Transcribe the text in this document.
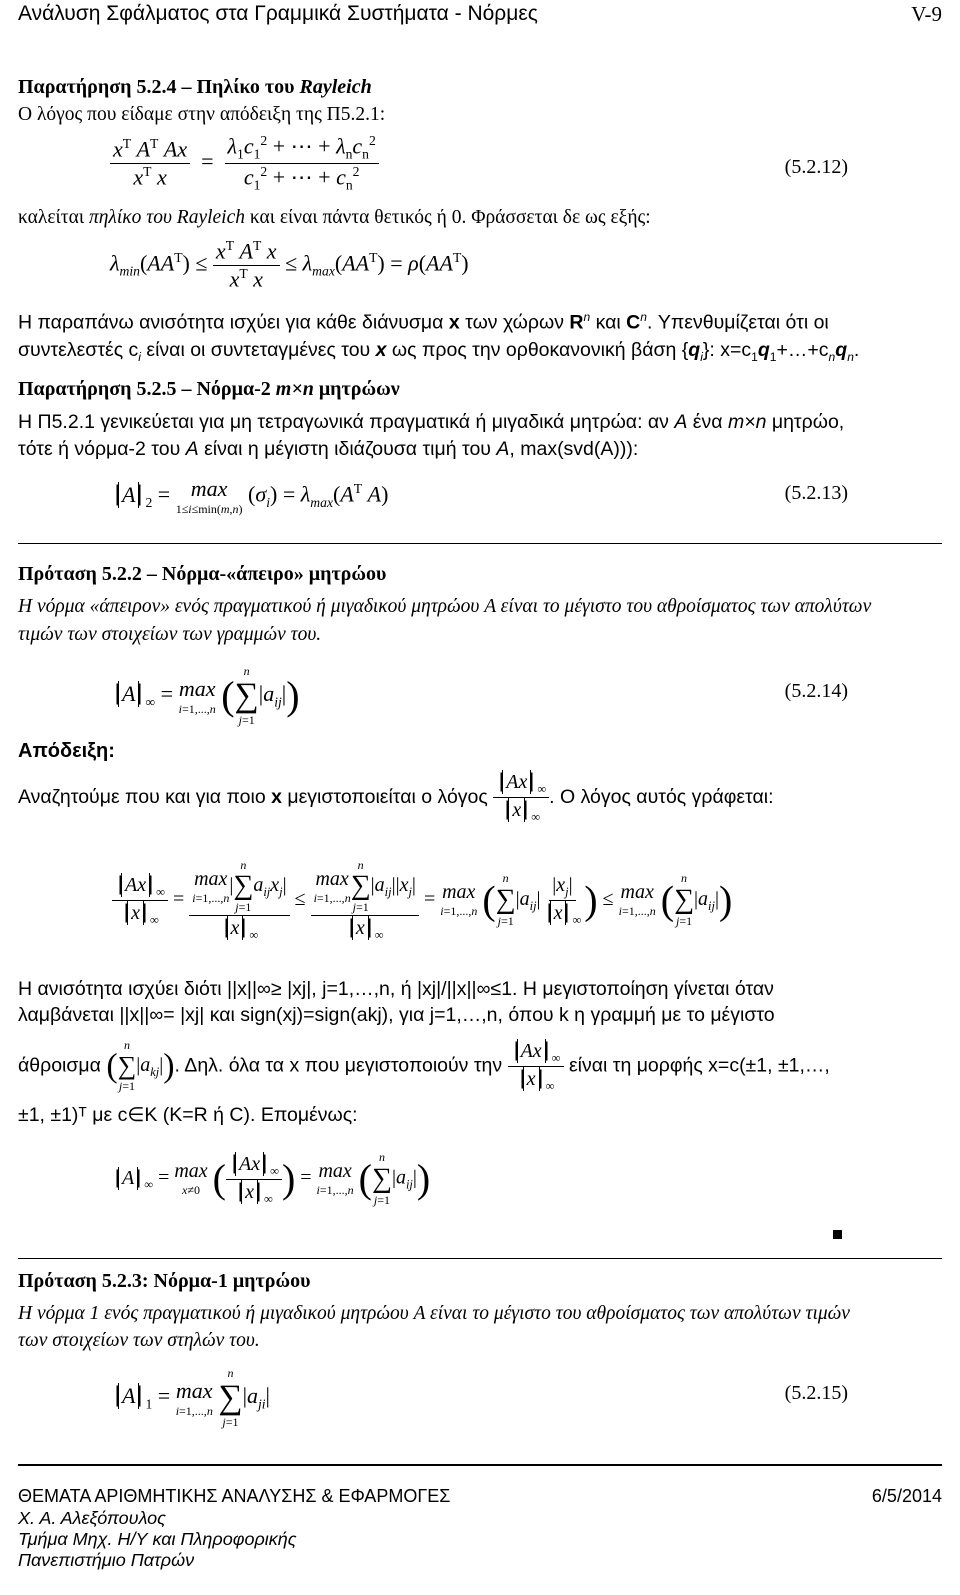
Ανάλυση Σφάλματος στα Γραμμικά Συστήματα - Νόρμες	V-9
Παρατήρηση 5.2.4 – Πηλίκο του Rayleich
Ο λόγος που είδαμε στην απόδειξη της Π5.2.1:
$\frac{x^T A^T Ax}{x^T x} = \frac{\lambda_1c_1^2 + \cdots + \lambda_nc_n^2}{c_1^2 + \cdots + c_n^2}$	(5.2.12)
καλείται πηλίκο του Rayleich και είναι πάντα θετικός ή 0. Φράσσεται δε ως εξής:
$\lambda_{min}(AA^T) \le \frac{x^T A^T x}{x^T x} \le \lambda_{max}(AA^T) = \rho(AA^T)$
Η παραπάνω ανισότητα ισχύει για κάθε διάνυσμα x των χώρων $R^n$ και $C^n$. Υπενθυμίζεται ότι οι
συντελεστές $c_i$ είναι οι συντεταγμένες του x ως προς την ορθοκανονική βάση $\{q_i\}$: $x=c_1q_1+\dots+c_nq_n$.
Παρατήρηση 5.2.5 – Νόρμα-2 m×n μητρώων
Η Π5.2.1 γενικεύεται για μη τετραγωνικά πραγματικά ή μιγαδικά μητρώα: αν A ένα m×n μητρώο,
τότε ή νόρμα-2 του A είναι η μέγιστη ιδιάζουσα τιμή του A, max(svd(A))):
A $_2$ = max
1≤i≤min(m,n)
$(\sigma_i) = \lambda_{max}(A^T$ A)	(5.2.13)
Πρόταση 5.2.2 – Νόρμα-«άπειρο» μητρώου
Η νόρμα «άπειρον» ενός πραγματικού ή μιγαδικού μητρώου A είναι το μέγιστο του αθροίσματος των απολύτων
τιμών των στοιχείων των γραμμών του.
A $_\infty$ = max
i=1,...,n (
n
∑
j=1
$|a_{ij}|$)	(5.2.14)
Απόδειξη:
Αναζητούμε που και για ποιο x μεγιστοποιείται ο λόγος $\frac{Ax _\infty}{x _\infty}$ . Ο λόγος αυτός γράφεται:
$\frac{Ax _\infty}{x _\infty} = \max$
i=1,...,n
|
n
∑
j=1
$a_{ij}x_j|$
x $_\infty$ ≤ max
i=1,...,n
n
∑
j=1
$|a_{ij}||x_j|$
x $_\infty$ = max
i=1,...,n ( n
∑
j=1
$|a_{ij}| \frac{|x_j|}{x _\infty}$ ) ≤ max
i=1,...,n ( n
∑
j=1
$|a_{ij}|$)
Η ανισότητα ισχύει διότι ||x||∞≥ |xj|, j=1,…,n, ή |xj|/||x||∞≤1. Η μεγιστοποίηση γίνεται όταν
λαμβάνεται ||x||∞= |xj| και sign(xj)=sign(akj), για j=1,…,n, όπου k η γραμμή με το μέγιστο
άθροισμα (
n
∑
j=1
$|a_{kj}|$). Δηλ. όλα τα x που μεγιστοποιούν την $\frac{Ax _\infty}{x _\infty}$ είναι τη μορφής x=c(±1, ±1,…,
±1, ±1)ᵀ με c∈K (K=R ή C). Επομένως:
A $_\infty$ = max
x≠0 ( $\frac{Ax _\infty}{x _\infty}$ ) = max
i=1,...,n ( n
∑
j=1
$|a_{ij}|$)
Πρόταση 5.2.3: Νόρμα-1 μητρώου
Η νόρμα 1 ενός πραγματικού ή μιγαδικού μητρώου A είναι το μέγιστο του αθροίσματος των απολύτων τιμών
των στοιχείων των στηλών του.
A $_1$ = max
i=1,...,n

n
∑
j=1
$|a_{ji}|$	(5.2.15)
ΘΕΜΑΤΑ ΑΡΙΘΜΗΤΙΚΗΣ ΑΝΑΛΥΣΗΣ & ΕΦΑΡΜΟΓΕΣ	6/5/2014
Χ. Α. Αλεξόπουλος
Τμήμα Μηχ. Η/Υ και Πληροφορικής
Πανεπιστήμιο Πατρών
